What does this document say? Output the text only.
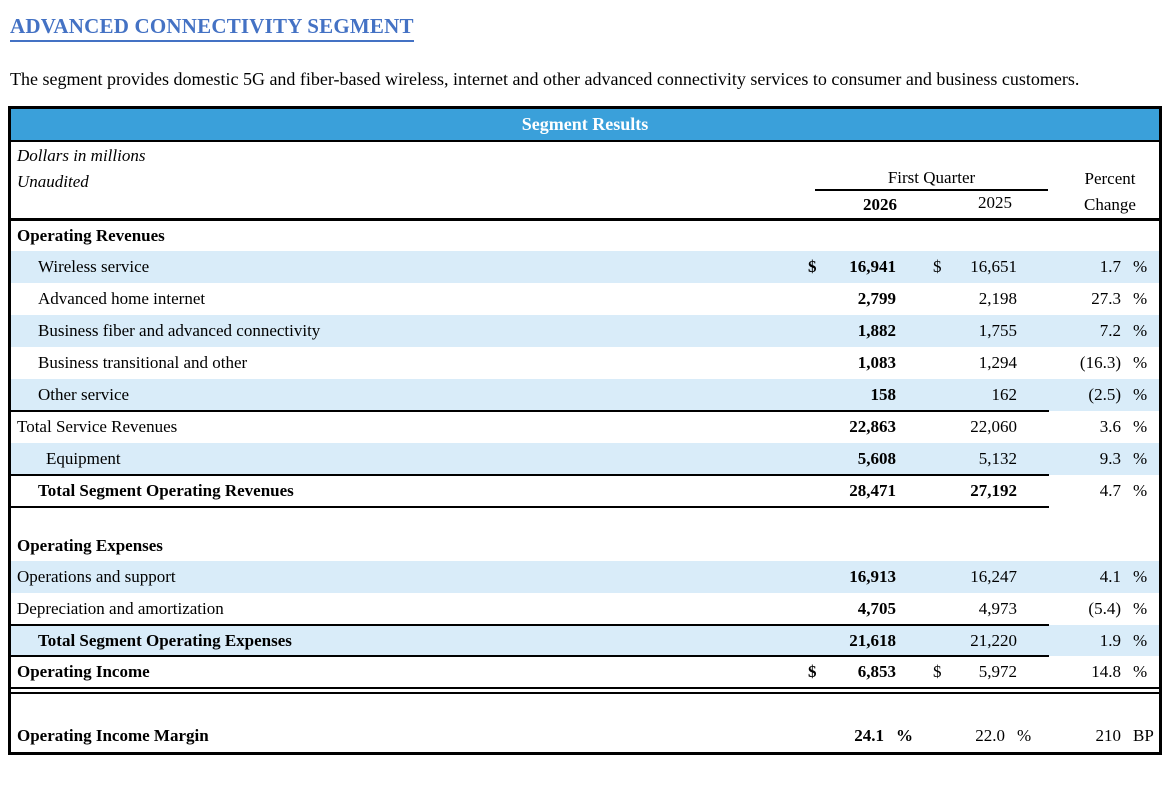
ADVANCED CONNECTIVITY SEGMENT
The segment provides domestic 5G and fiber-based wireless, internet and other advanced connectivity services to consumer and business customers.
Segment Results
Dollars in millions
Unaudited	First Quarter
2026	2025
Percent
Change
Operating Revenues
Wireless service	$ 16,941 $ 16,651	1.7 %
Advanced home internet	2,799	2,198	27.3 %
Business fiber and advanced connectivity	1,882	1,755	7.2 %
Business transitional and other	1,083	1,294	(16.3) %
Other service	158	162	(2.5) %
Total Service Revenues	22,863	22,060	3.6 %
Equipment	5,608	5,132	9.3 %
Total Segment Operating Revenues	28,471	27,192	4.7 %
Operating Expenses
Operations and support	16,913	16,247	4.1 %
Depreciation and amortization	4,705	4,973	(5.4) %
Total Segment Operating Expenses	21,618	21,220	1.9 %
Operating Income	$ 6,853 $ 5,972	14.8 %
Operating Income Margin	24.1 %	22.0 %	210 BP
